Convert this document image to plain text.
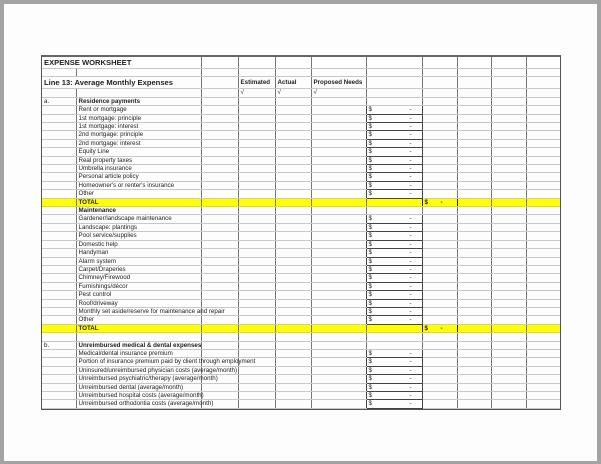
EXPENSE WORKSHEET										

Line 13: Average Monthly Expenses			Estimated	Actual	Proposed Needs					
			√	√	√					
a.	Residence payments									
	Rent or mortgage					$ -				

	1st mortgage: principle					$ -				

	1st mortgage: interest					$ -				

	2nd mortgage: principle					$ -				

	2nd mortgage: interest					$ -				

	Equity Line					$ -				

	Real property taxes					$ -				

	Umbrella insurance					$ -				

	Personal article policy					$ -				

	Homeowner's or renter's insurance					$ -				

	Other					$ -				

	TOTAL						$ -			

	Maintenance									
	Gardener/landscape maintenance					$ -				

	Landscape: plantings					$ -				

	Pool service/supplies					$ -				

	Domestic help					$ -				

	Handyman					$ -				

	Alarm system					$ -				

	Carpet/Draperies					$ -				

	Chimney/Firewood					$ -				

	Furnishings/décor					$ -				

	Pest control					$ -				

	Roof/driveway					$ -				

	Monthly set aside/reserve for maintenance and repair					$ -				

	Other					$ -				

	TOTAL						$ -			

b.	Unreimbursed medical & dental expenses									
	Medical/dental insurance premium					$ -				

	Portion of insurance premium paid by client through employment					$ -				

	Uninsured/unreimbursed physician costs (average/month)					$ -				

	Unreimbursed psychiatric/therapy (average/month)					$ -				

	Unreimbursed dental (average/month)					$ -				

	Unreimbursed hospital costs (average/month)					$ -				

	Unreimbursed orthodontia costs (average/month)					$ -				
